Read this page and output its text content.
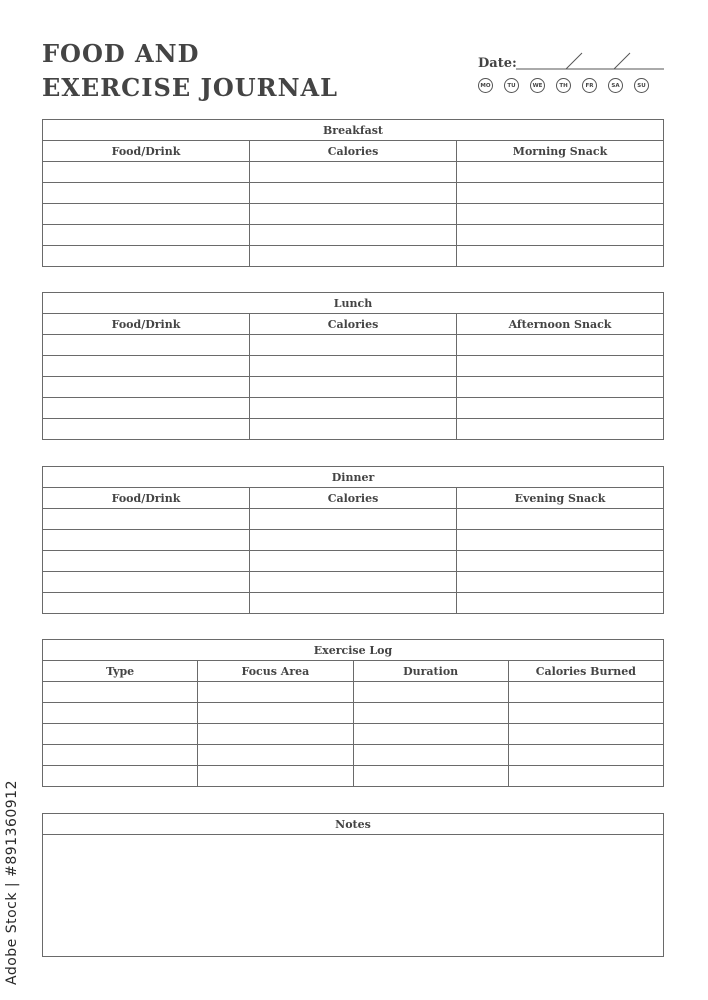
FOOD AND
EXERCISE JOURNAL
Date:
MO	TU	WE	TH	FR	SA	SU
Breakfast		
Food/Drink	Calories	Morning Snack

Lunch		
Food/Drink	Calories	Afternoon Snack

Dinner		
Food/Drink	Calories	Evening Snack

Exercise Log			
Type	Focus Area	Duration	Calories Burned

Notes

Adobe Stock | #891360912
